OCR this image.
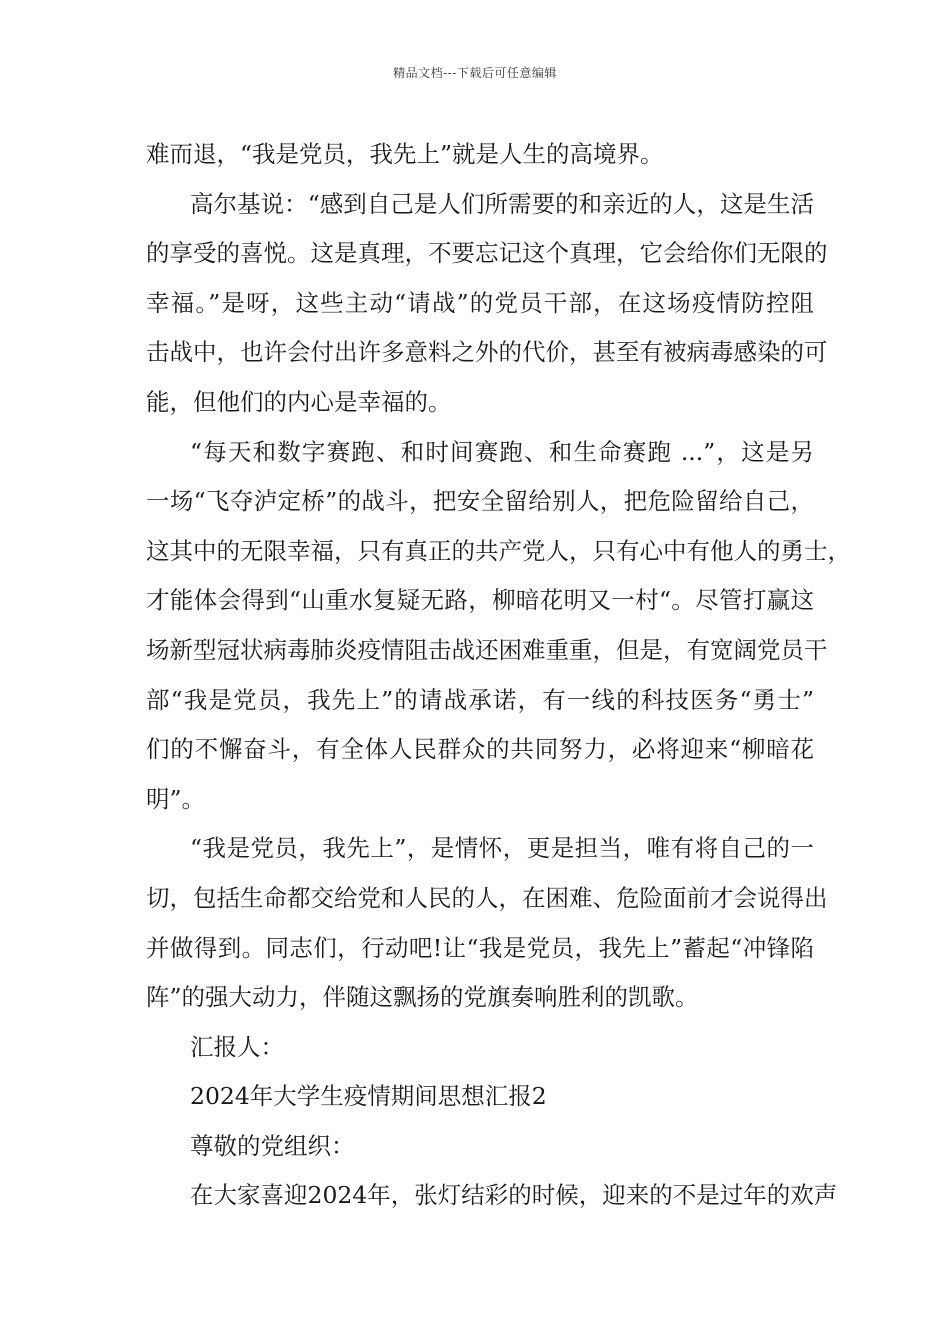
精品文档---下载后可任意编辑
难而退，“我是党员，我先上”就是人生的高境界。
高尔基说：“感到自己是人们所需要的和亲近的人，这是生活
的享受的喜悦。这是真理，不要忘记这个真理，它会给你们无限的
幸福。”是呀，这些主动“请战”的党员干部，在这场疫情防控阻
击战中，也许会付出许多意料之外的代价，甚至有被病毒感染的可
能，但他们的内心是幸福的。
“每天和数字赛跑、和时间赛跑、和生命赛跑 ...”，这是另
一场“飞夺泸定桥”的战斗，把安全留给别人，把危险留给自己，
这其中的无限幸福，只有真正的共产党人，只有心中有他人的勇士，
才能体会得到“山重水复疑无路，柳暗花明又一村“。尽管打赢这
场新型冠状病毒肺炎疫情阻击战还困难重重，但是，有宽阔党员干
部“我是党员，我先上”的请战承诺，有一线的科技医务“勇士”
们的不懈奋斗，有全体人民群众的共同努力，必将迎来“柳暗花
明”。
“我是党员，我先上”，是情怀，更是担当，唯有将自己的一
切，包括生命都交给党和人民的人，在困难、危险面前才会说得出
并做得到。同志们，行动吧!让“我是党员，我先上”蓄起“冲锋陷
阵”的强大动力，伴随这飘扬的党旗奏响胜利的凯歌。
汇报人：
2024年大学生疫情期间思想汇报2
尊敬的党组织：
在大家喜迎2024年，张灯结彩的时候，迎来的不是过年的欢声
